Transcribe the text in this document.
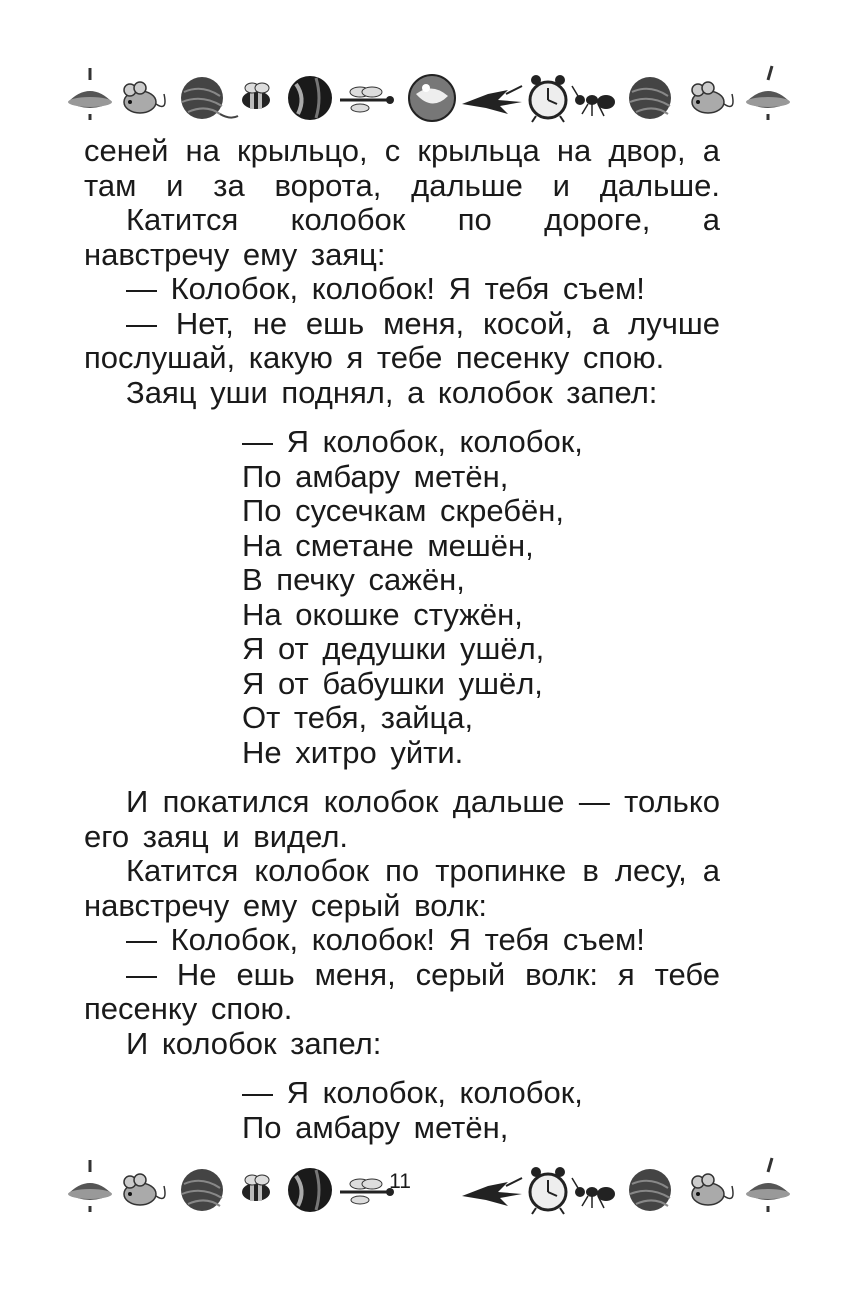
сеней на крыльцо, с крыльца на двор, а там и за ворота, дальше и дальше.
Катится колобок по дороге, а навстречу ему заяц:
— Колобок, колобок! Я тебя съем!
— Нет, не ешь меня, косой, а лучше послушай, какую я тебе песенку спою.
Заяц уши поднял, а колобок запел:
— Я колобок, колобок,
По амбару метён,
По сусечкам скребён,
На сметане мешён,
В печку сажён,
На окошке стужён,
Я от дедушки ушёл,
Я от бабушки ушёл,
От тебя, зайца,
Не хитро уйти.
И покатился колобок дальше — только его заяц и видел.
Катится колобок по тропинке в лесу, а навстречу ему серый волк:
— Колобок, колобок! Я тебя съем!
— Не ешь меня, серый волк: я тебе песенку спою.
И колобок запел:
— Я колобок, колобок,
По амбару метён,
11
